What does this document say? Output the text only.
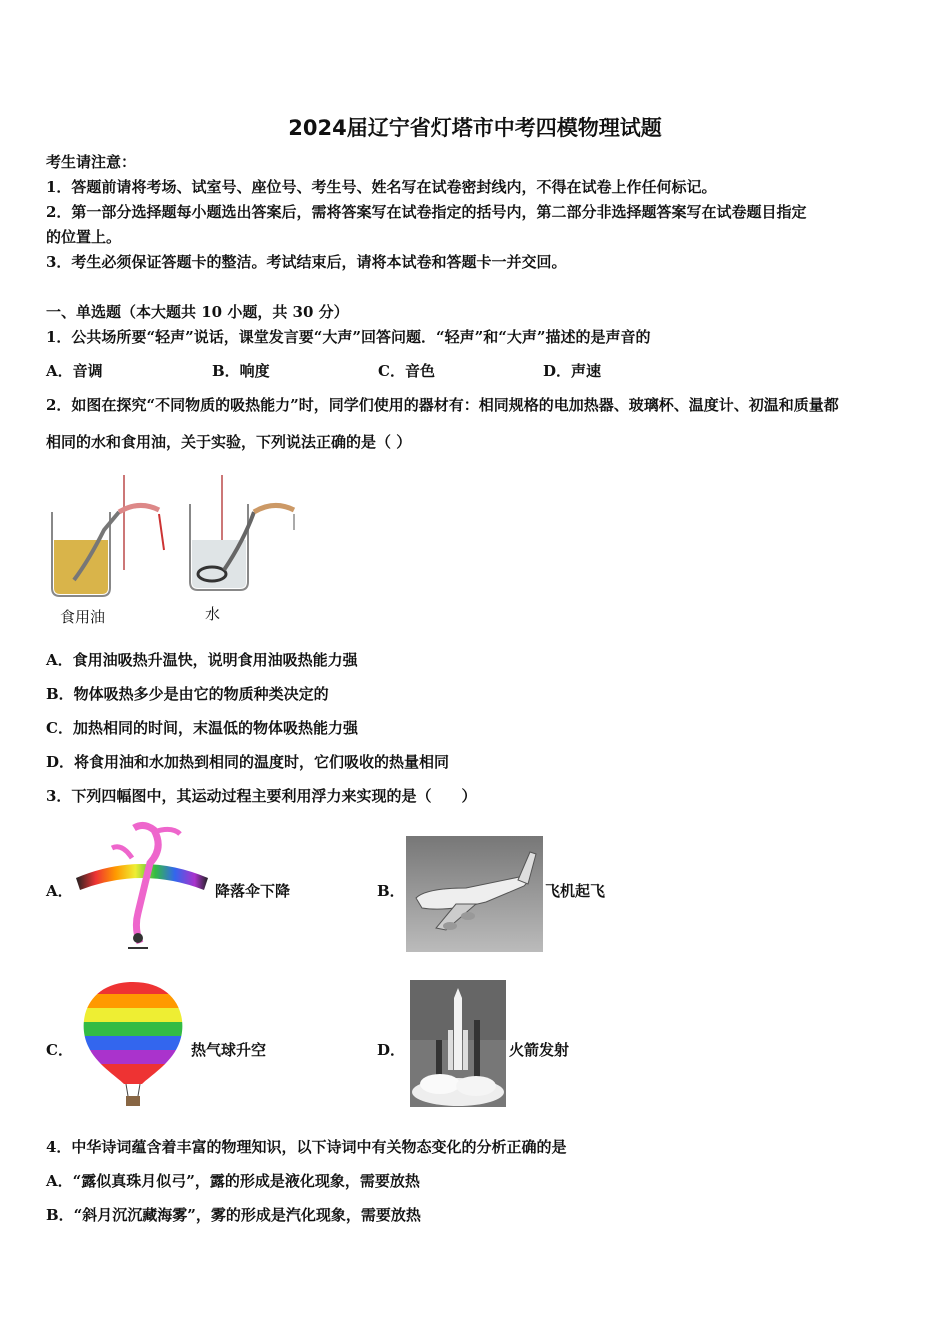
2024届辽宁省灯塔市中考四模物理试题
考生请注意：
1．答题前请将考场、试室号、座位号、考生号、姓名写在试卷密封线内，不得在试卷上作任何标记。
2．第一部分选择题每小题选出答案后，需将答案写在试卷指定的括号内，第二部分非选择题答案写在试卷题目指定
的位置上。
3．考生必须保证答题卡的整洁。考试结束后，请将本试卷和答题卡一并交回。
一、单选题（本大题共 10 小题，共 30 分）
1．公共场所要“轻声”说话，课堂发言要“大声”回答问题．“轻声”和“大声”描述的是声音的
A．音调	B．响度	C．音色	D．声速
2．如图在探究“不同物质的吸热能力”时，同学们使用的器材有：相同规格的电加热器、玻璃杯、温度计、初温和质量都
相同的水和食用油，关于实验，下列说法正确的是（ ）
食用油	水
A．食用油吸热升温快，说明食用油吸热能力强
B．物体吸热多少是由它的物质种类决定的
C．加热相同的时间，末温低的物体吸热能力强
D．将食用油和水加热到相同的温度时，它们吸收的热量相同
3．下列四幅图中，其运动过程主要利用浮力来实现的是（　　）
A．	降落伞下降	B．	飞机起飞
C．	热气球升空	D．	火箭发射
4．中华诗词蕴含着丰富的物理知识，以下诗词中有关物态变化的分析正确的是
A．“露似真珠月似弓”，露的形成是液化现象，需要放热
B．“斜月沉沉藏海雾”，雾的形成是汽化现象，需要放热
